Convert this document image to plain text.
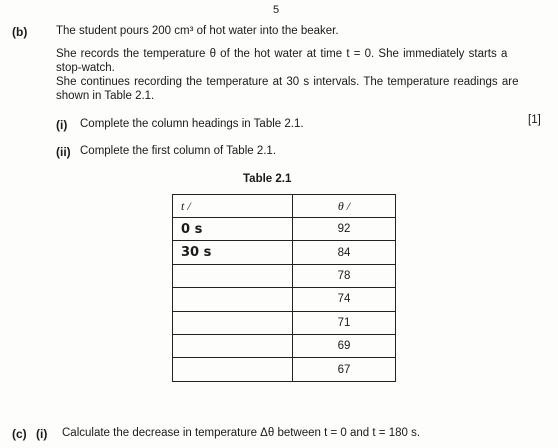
5
(b) The student pours 200 cm³ of hot water into the beaker.
She records the temperature θ of the hot water at time t = 0. She immediately starts a
stop-watch.
She continues recording the temperature at 30 s intervals. The temperature readings are
shown in Table 2.1.
(i) Complete the column headings in Table 2.1.	[1]
(ii) Complete the first column of Table 2.1.
Table 2.1
t /	θ /
0 s	92
30 s	84
	78
	74
	71
	69
	67
(c) (i) Calculate the decrease in temperature Δθ between t = 0 and t = 180 s.
